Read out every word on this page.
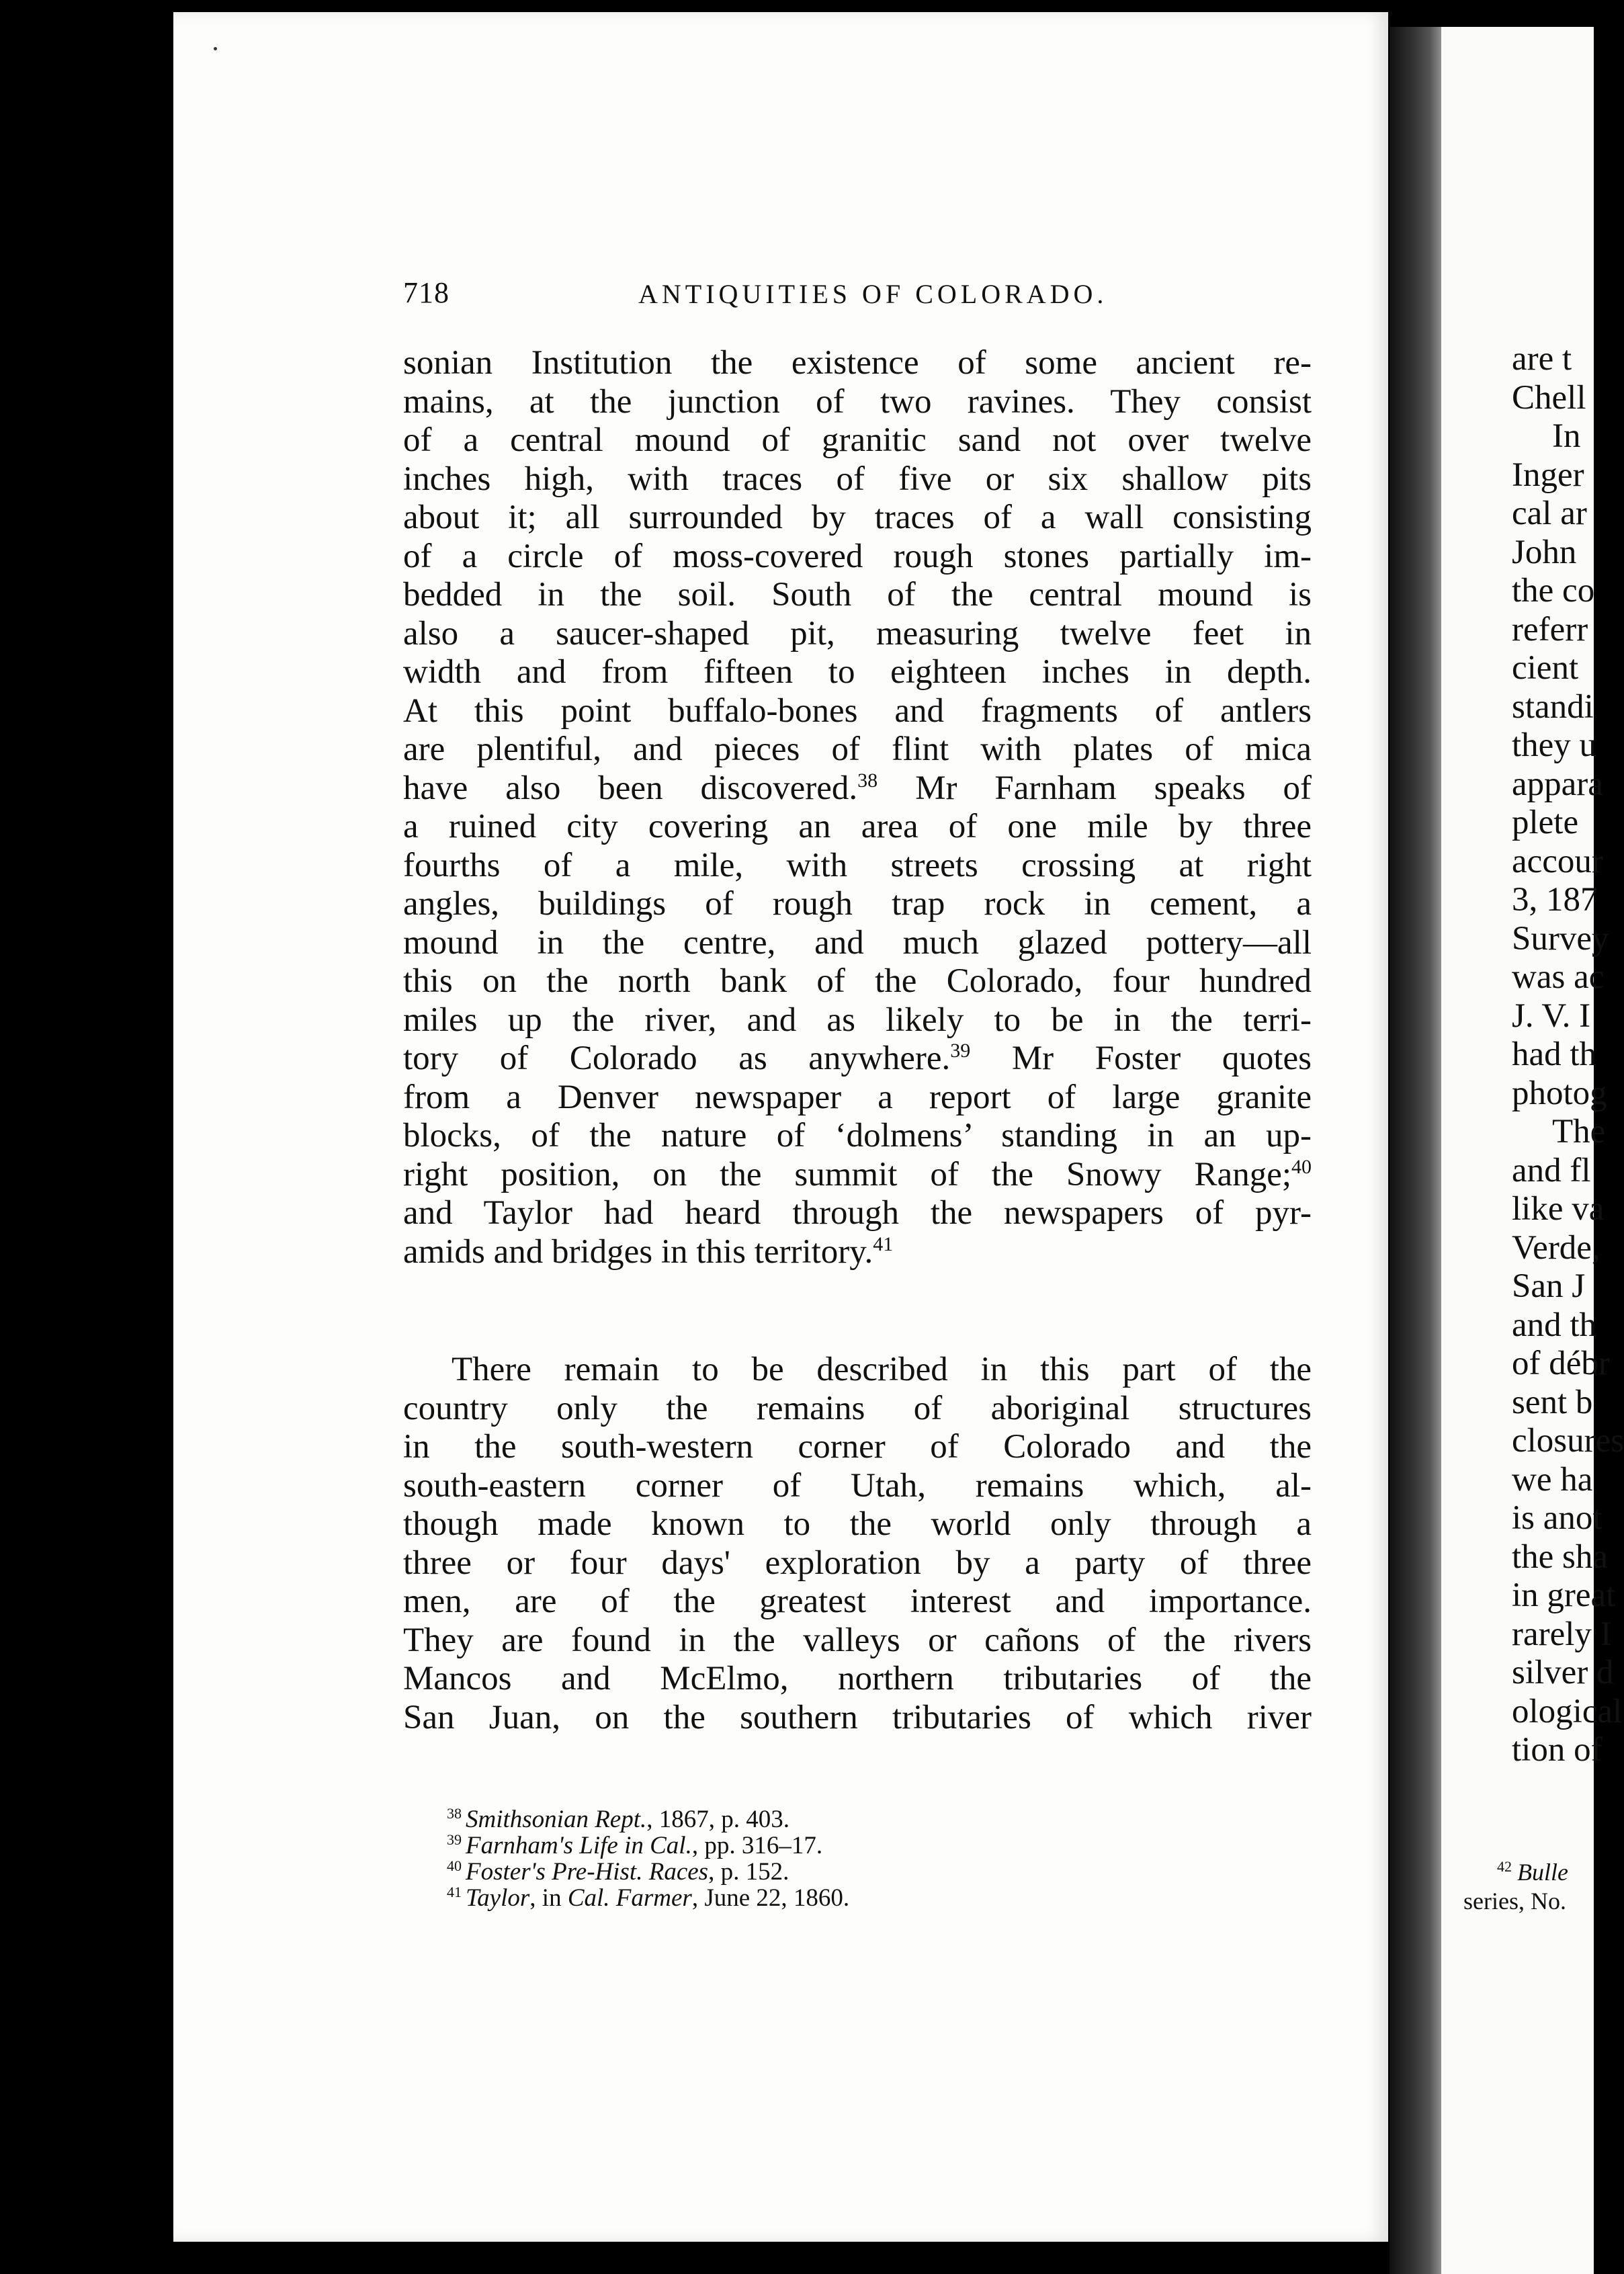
718	ANTIQUITIES OF COLORADO.
sonian Institution the existence of some ancient re-
mains, at the junction of two ravines. They consist
of a central mound of granitic sand not over twelve
inches high, with traces of five or six shallow pits
about it; all surrounded by traces of a wall consisting
of a circle of moss-covered rough stones partially im-
bedded in the soil. South of the central mound is
also a saucer-shaped pit, measuring twelve feet in
width and from fifteen to eighteen inches in depth.
At this point buffalo-bones and fragments of antlers
are plentiful, and pieces of flint with plates of mica
have also been discovered.$^{38}$ Mr Farnham speaks of
a ruined city covering an area of one mile by three
fourths of a mile, with streets crossing at right
angles, buildings of rough trap rock in cement, a
mound in the centre, and much glazed pottery—all
this on the north bank of the Colorado, four hundred
miles up the river, and as likely to be in the terri-
tory of Colorado as anywhere.$^{39}$ Mr Foster quotes
from a Denver newspaper a report of large granite
blocks, of the nature of ‘dolmens’ standing in an up-
right position, on the summit of the Snowy Range;$^{40}$
and Taylor had heard through the newspapers of pyr-
amids and bridges in this territory.$^{41}$
There remain to be described in this part of the
country only the remains of aboriginal structures
in the south-western corner of Colorado and the
south-eastern corner of Utah, remains which, al-
though made known to the world only through a
three or four days' exploration by a party of three
men, are of the greatest interest and importance.
They are found in the valleys or cañons of the rivers
Mancos and McElmo, northern tributaries of the
San Juan, on the southern tributaries of which river
$^{38}$ Smithsonian Rept., 1867, p. 403.
$^{39}$ Farnham's Life in Cal., pp. 316–17.
$^{40}$ Foster's Pre-Hist. Races, p. 152.
$^{41}$ Taylor, in Cal. Farmer, June 22, 1860.
are t
Chell
In
Inger
cal ar
John
the co
referr
cient
standi
they u
appara
plete
accour
3, 187
Survey
was ac
J. V. I
had th
photog
The
and fl
like va
Verde,
San J
and th
of débr
sent b
closures
we ha
is anot
the sha
in great
rarely I
silver d
ological
tion of
$^{42}$ Bulle
series, No.
